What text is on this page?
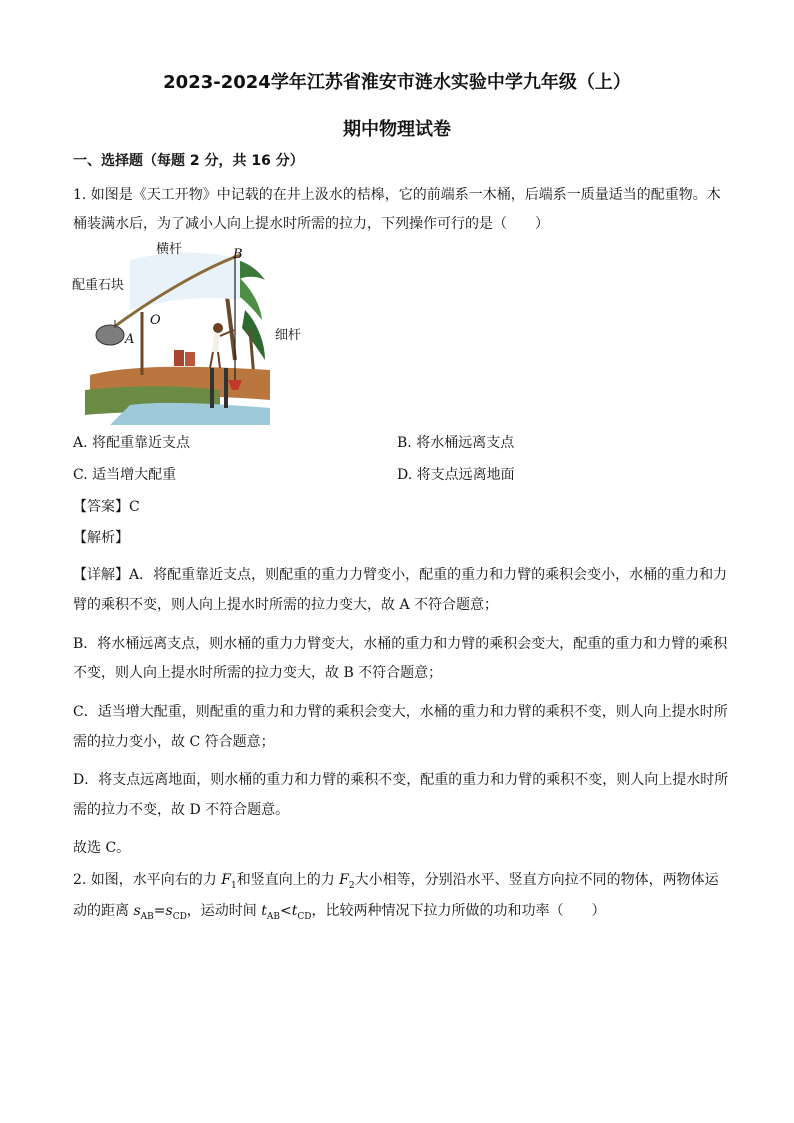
2023-2024学年江苏省淮安市涟水实验中学九年级（上）
期中物理试卷
一、选择题（每题 2 分，共 16 分）
1. 如图是《天工开物》中记载的在井上汲水的桔槔，它的前端系一木桶，后端系一质量适当的配重物。木
桶装满水后，为了减小人向上提水时所需的拉力，下列操作可行的是（　　）
横杆	B
配重石块
O
A	细杆
A. 将配重靠近支点	B. 将水桶远离支点
C. 适当增大配重	D. 将支点远离地面
【答案】C
【解析】
【详解】A．将配重靠近支点，则配重的重力力臂变小，配重的重力和力臂的乘积会变小，水桶的重力和力
臂的乘积不变，则人向上提水时所需的拉力变大，故 A 不符合题意；
B．将水桶远离支点，则水桶的重力力臂变大，水桶的重力和力臂的乘积会变大，配重的重力和力臂的乘积
不变，则人向上提水时所需的拉力变大，故 B 不符合题意；
C．适当增大配重，则配重的重力和力臂的乘积会变大，水桶的重力和力臂的乘积不变，则人向上提水时所
需的拉力变小，故 C 符合题意；
D．将支点远离地面，则水桶的重力和力臂的乘积不变，配重的重力和力臂的乘积不变，则人向上提水时所
需的拉力不变，故 D 不符合题意。
故选 C。
2. 如图，水平向右的力 $F_1$和竖直向上的力 $F_2$大小相等，分别沿水平、竖直方向拉不同的物体，两物体运
动的距离 $s_{AB}=s_{CD}$，运动时间 $t_{AB}<t_{CD}$，比较两种情况下拉力所做的功和功率（　　）
